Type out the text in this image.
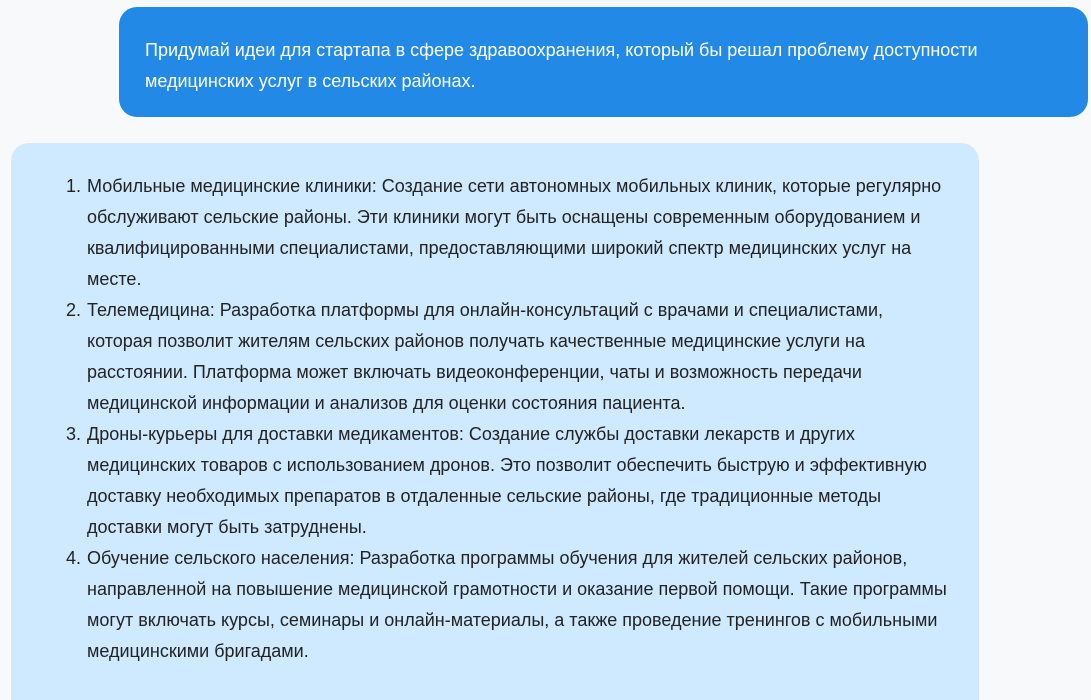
Придумай идеи для стартапа в сфере здравоохранения, который бы решал проблему доступности медицинских услуг в сельских районах.
1. Мобильные медицинские клиники: Создание сети автономных мобильных клиник, которые регулярно обслуживают сельские районы. Эти клиники могут быть оснащены современным оборудованием и квалифицированными специалистами, предоставляющими широкий спектр медицинских услуг на месте.
2. Телемедицина: Разработка платформы для онлайн-консультаций с врачами и специалистами, которая позволит жителям сельских районов получать качественные медицинские услуги на расстоянии. Платформа может включать видеоконференции, чаты и возможность передачи медицинской информации и анализов для оценки состояния пациента.
3. Дроны-курьеры для доставки медикаментов: Создание службы доставки лекарств и других медицинских товаров с использованием дронов. Это позволит обеспечить быструю и эффективную доставку необходимых препаратов в отдаленные сельские районы, где традиционные методы доставки могут быть затруднены.
4. Обучение сельского населения: Разработка программы обучения для жителей сельских районов, направленной на повышение медицинской грамотности и оказание первой помощи. Такие программы могут включать курсы, семинары и онлайн-материалы, а также проведение тренингов с мобильными медицинскими бригадами.
